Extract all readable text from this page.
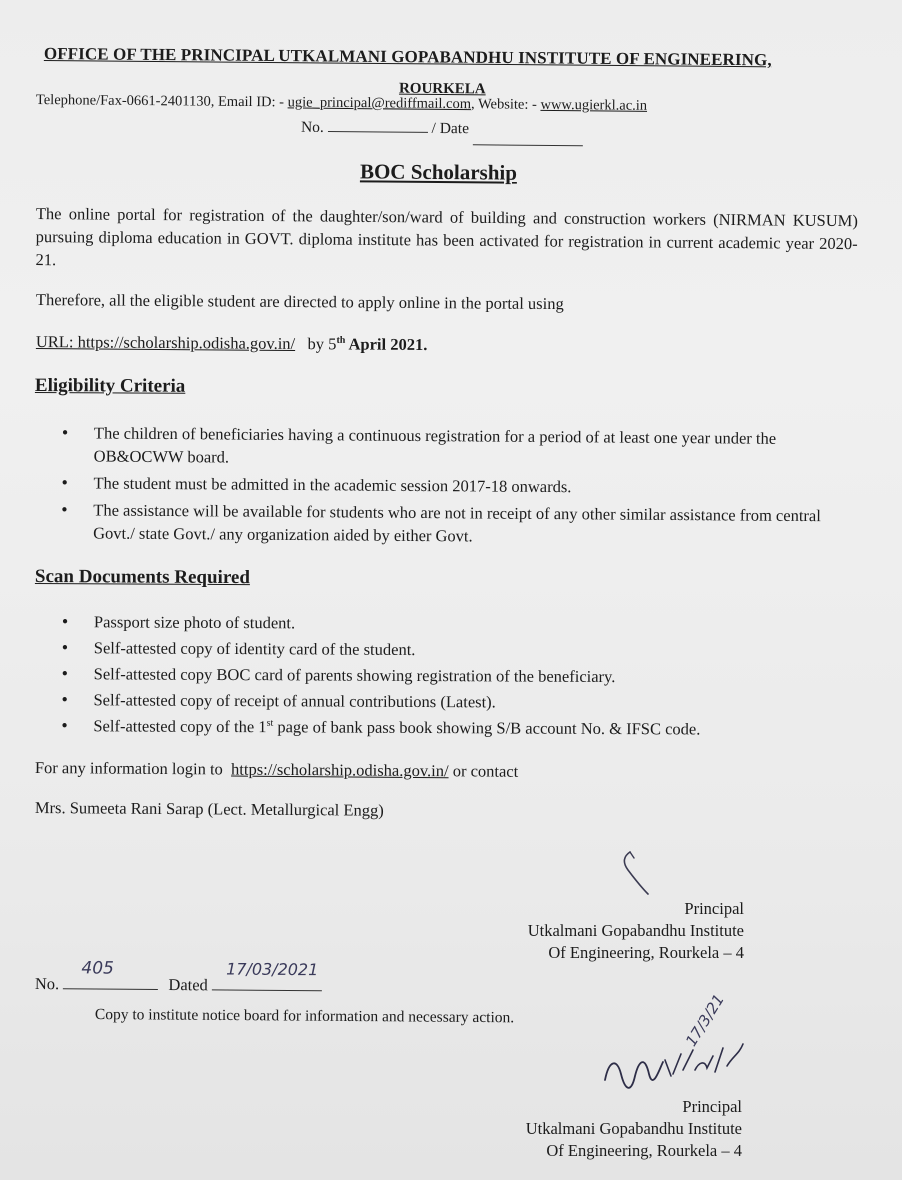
OFFICE OF THE PRINCIPAL UTKALMANI GOPABANDHU INSTITUTE OF ENGINEERING,
ROURKELA
Telephone/Fax-0661-2401130, Email ID: - ugie_principal@rediffmail.com, Website: - www.ugierkl.ac.in
No.	/ Date
BOC Scholarship
The online portal for registration of the daughter/son/ward of building and construction workers (NIRMAN KUSUM) pursuing diploma education in GOVT. diploma institute has been activated for registration in current academic year 2020-21.
Therefore, all the eligible student are directed to apply online in the portal using
URL: https://scholarship.odisha.gov.in/ by 5th April 2021.
Eligibility Criteria
• The children of beneficiaries having a continuous registration for a period of at least one year under the OB&OCWW board.
• The student must be admitted in the academic session 2017-18 onwards.
• The assistance will be available for students who are not in receipt of any other similar assistance from central Govt./ state Govt./ any organization aided by either Govt.
Scan Documents Required
• Passport size photo of student.
• Self-attested copy of identity card of the student.
• Self-attested copy BOC card of parents showing registration of the beneficiary.
• Self-attested copy of receipt of annual contributions (Latest).
• Self-attested copy of the 1st page of bank pass book showing S/B account No. & IFSC code.
For any information login to https://scholarship.odisha.gov.in/ or contact
Mrs. Sumeeta Rani Sarap (Lect. Metallurgical Engg)
Principal
Utkalmani Gopabandhu Institute
Of Engineering, Rourkela – 4
No.
405
Dated
17/03/2021
Copy to institute notice board for information and necessary action.	17/3/21
Principal
Utkalmani Gopabandhu Institute
Of Engineering, Rourkela – 4
